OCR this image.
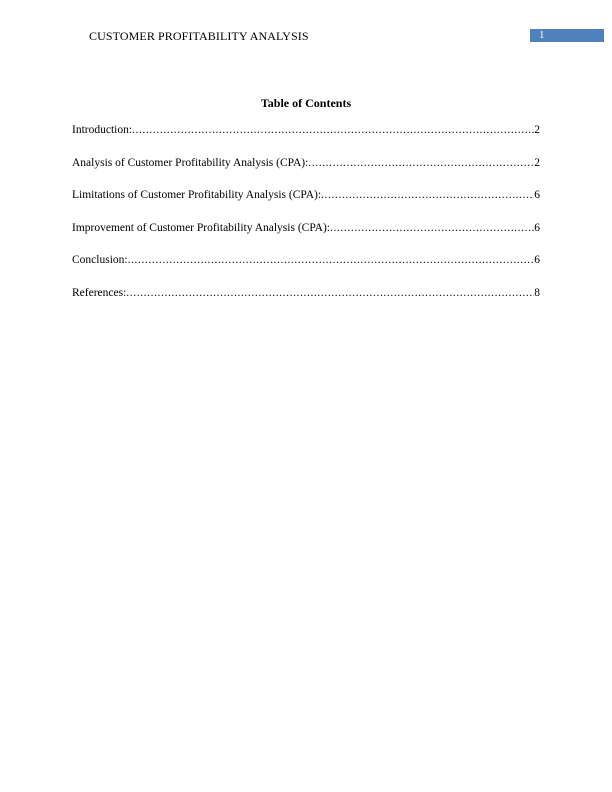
CUSTOMER PROFITABILITY ANALYSIS	1
Table of Contents
Introduction: .....	2
Analysis of Customer Profitability Analysis (CPA): .....	2
Limitations of Customer Profitability Analysis (CPA): .....	6
Improvement of Customer Profitability Analysis (CPA): .....	6
Conclusion: .....	6
References: .....	8
